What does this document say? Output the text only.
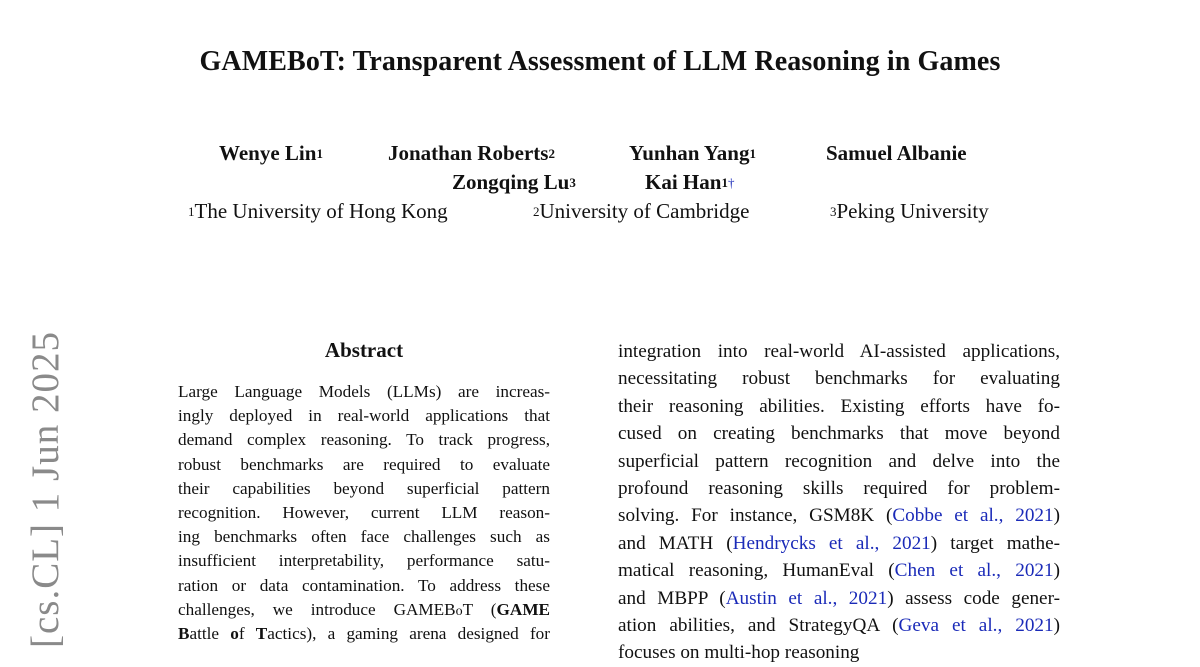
GAMEBoT: Transparent Assessment of LLM Reasoning in Games
Wenye Lin$^1$	Jonathan Roberts$^2$	Yunhan Yang$^1$	Samuel Albanie
Zongqing Lu$^3$	Kai Han$^{1\dagger}$
$^1$The University of Hong Kong	$^2$University of Cambridge	$^3$Peking University
[cs.CL] 1 Jun 2025	Abstract
Large Language Models (LLMs) are increas-
ingly deployed in real-world applications that
demand complex reasoning. To track progress,
robust benchmarks are required to evaluate
their capabilities beyond superficial pattern
recognition. However, current LLM reason-
ing benchmarks often face challenges such as
insufficient interpretability, performance satu-
ration or data contamination. To address these
challenges, we introduce GAMEBoT (GAME
Battle of Tactics), a gaming arena designed for
integration into real-world AI-assisted applications,
necessitating robust benchmarks for evaluating
their reasoning abilities. Existing efforts have fo-
cused on creating benchmarks that move beyond
superficial pattern recognition and delve into the
profound reasoning skills required for problem-
solving. For instance, GSM8K (Cobbe et al., 2021)
and MATH (Hendrycks et al., 2021) target mathe-
matical reasoning, HumanEval (Chen et al., 2021)
and MBPP (Austin et al., 2021) assess code gener-
ation abilities, and StrategyQA (Geva et al., 2021)
focuses on multi-hop reasoning
